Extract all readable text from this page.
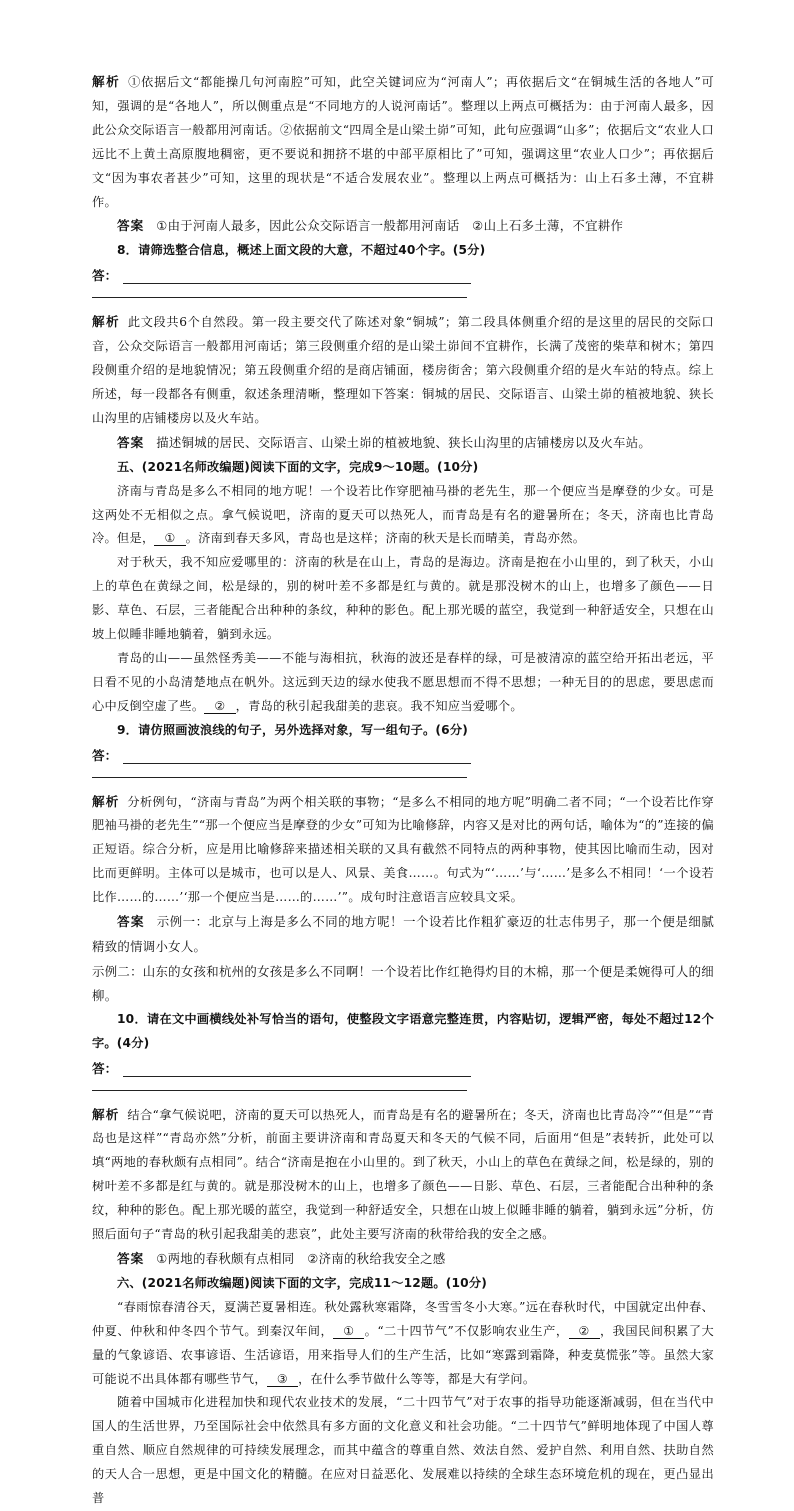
解析 ①依据后文“都能操几句河南腔”可知，此空关键词应为“河南人”；再依据后文“在铜城生活的各地人”可知，强调的是“各地人”，所以侧重点是“不同地方的人说河南话”。整理以上两点可概括为：由于河南人最多，因此公众交际语言一般都用河南话。②依据前文“四周全是山梁土峁”可知，此句应强调“山多”；依据后文“农业人口远比不上黄土高原腹地稠密，更不要说和拥挤不堪的中部平原相比了”可知，强调这里“农业人口少”；再依据后文“因为事农者甚少”可知，这里的现状是“不适合发展农业”。整理以上两点可概括为：山上石多土薄，不宜耕作。

答案 ①由于河南人最多，因此公众交际语言一般都用河南话　②山上石多土薄，不宜耕作

8．请筛选整合信息，概述上面文段的大意，不超过40个字。(5分)

答：

解析 此文段共6个自然段。第一段主要交代了陈述对象“铜城”；第二段具体侧重介绍的是这里的居民的交际口音，公众交际语言一般都用河南话；第三段侧重介绍的是山梁土峁间不宜耕作，长满了茂密的柴草和树木；第四段侧重介绍的是地貌情况；第五段侧重介绍的是商店铺面，楼房街舍；第六段侧重介绍的是火车站的特点。综上所述，每一段都各有侧重，叙述条理清晰，整理如下答案：铜城的居民、交际语言、山梁土峁的植被地貌、狭长山沟里的店铺楼房以及火车站。

答案 描述铜城的居民、交际语言、山梁土峁的植被地貌、狭长山沟里的店铺楼房以及火车站。

五、(2021名师改编题)阅读下面的文字，完成9～10题。(10分)

济南与青岛是多么不相同的地方呢！一个设若比作穿肥袖马褂的老先生，那一个便应当是摩登的少女。可是这两处不无相似之点。拿气候说吧，济南的夏天可以热死人，而青岛是有名的避暑所在；冬天，济南也比青岛冷。但是， ① 。济南到春天多风，青岛也是这样；济南的秋天是长而晴美，青岛亦然。

对于秋天，我不知应爱哪里的：济南的秋是在山上，青岛的是海边。济南是抱在小山里的，到了秋天，小山上的草色在黄绿之间，松是绿的，别的树叶差不多都是红与黄的。就是那没树木的山上，也增多了颜色——日影、草色、石层，三者能配合出种种的条纹，种种的影色。配上那光暖的蓝空，我觉到一种舒适安全，只想在山坡上似睡非睡地躺着，躺到永远。

青岛的山——虽然怪秀美——不能与海相抗，秋海的波还是春样的绿，可是被清凉的蓝空给开拓出老远，平日看不见的小岛清楚地点在帆外。这远到天边的绿水使我不愿思想而不得不思想；一种无目的的思虑，要思虑而心中反倒空虚了些。 ② ，青岛的秋引起我甜美的悲哀。我不知应当爱哪个。

9．请仿照画波浪线的句子，另外选择对象，写一组句子。(6分)

答：

解析 分析例句，“济南与青岛”为两个相关联的事物；“是多么不相同的地方呢”明确二者不同；“一个设若比作穿肥袖马褂的老先生”“那一个便应当是摩登的少女”可知为比喻修辞，内容又是对比的两句话，喻体为“的”连接的偏正短语。综合分析，应是用比喻修辞来描述相关联的又具有截然不同特点的两种事物，使其因比喻而生动，因对比而更鲜明。主体可以是城市，也可以是人、风景、美食……。句式为“‘……’与‘……’是多么不相同！‘一个设若比作……的……’‘那一个便应当是……的……’”。成句时注意语言应较具文采。

答案 示例一：北京与上海是多么不同的地方呢！一个设若比作粗犷豪迈的壮志伟男子，那一个便是细腻精致的情调小女人。

示例二：山东的女孩和杭州的女孩是多么不同啊！一个设若比作红艳得灼目的木棉，那一个便是柔婉得可人的细柳。

10．请在文中画横线处补写恰当的语句，使整段文字语意完整连贯，内容贴切，逻辑严密，每处不超过12个字。(4分)

答：

解析 结合“拿气候说吧，济南的夏天可以热死人，而青岛是有名的避暑所在；冬天，济南也比青岛冷”“但是”“青岛也是这样”“青岛亦然”分析，前面主要讲济南和青岛夏天和冬天的气候不同，后面用“但是”表转折，此处可以填“两地的春秋颇有点相同”。结合“济南是抱在小山里的。到了秋天，小山上的草色在黄绿之间，松是绿的，别的树叶差不多都是红与黄的。就是那没树木的山上，也增多了颜色——日影、草色、石层，三者能配合出种种的条纹，种种的影色。配上那光暖的蓝空，我觉到一种舒适安全，只想在山坡上似睡非睡的躺着，躺到永远”分析，仿照后面句子“青岛的秋引起我甜美的悲哀”，此处主要写济南的秋带给我的安全之感。

答案 ①两地的春秋颇有点相同　②济南的秋给我安全之感

六、(2021名师改编题)阅读下面的文字，完成11～12题。(10分)

“春雨惊春清谷天，夏满芒夏暑相连。秋处露秋寒霜降，冬雪雪冬小大寒。”远在春秋时代，中国就定出仲春、仲夏、仲秋和仲冬四个节气。到秦汉年间， ① 。“二十四节气”不仅影响农业生产， ② ，我国民间积累了大量的气象谚语、农事谚语、生活谚语，用来指导人们的生产生活，比如“寒露到霜降，种麦莫慌张”等。虽然大家可能说不出具体都有哪些节气， ③ ，在什么季节做什么等等，都是大有学问。

随着中国城市化进程加快和现代农业技术的发展，“二十四节气”对于农事的指导功能逐渐减弱，但在当代中国人的生活世界，乃至国际社会中依然具有多方面的文化意义和社会功能。“二十四节气”鲜明地体现了中国人尊重自然、顺应自然规律的可持续发展理念，而其中蕴含的尊重自然、效法自然、爱护自然、利用自然、扶助自然的天人合一思想，更是中国文化的精髓。在应对日益恶化、发展难以持续的全球生态环境危机的现在，更凸显出普
